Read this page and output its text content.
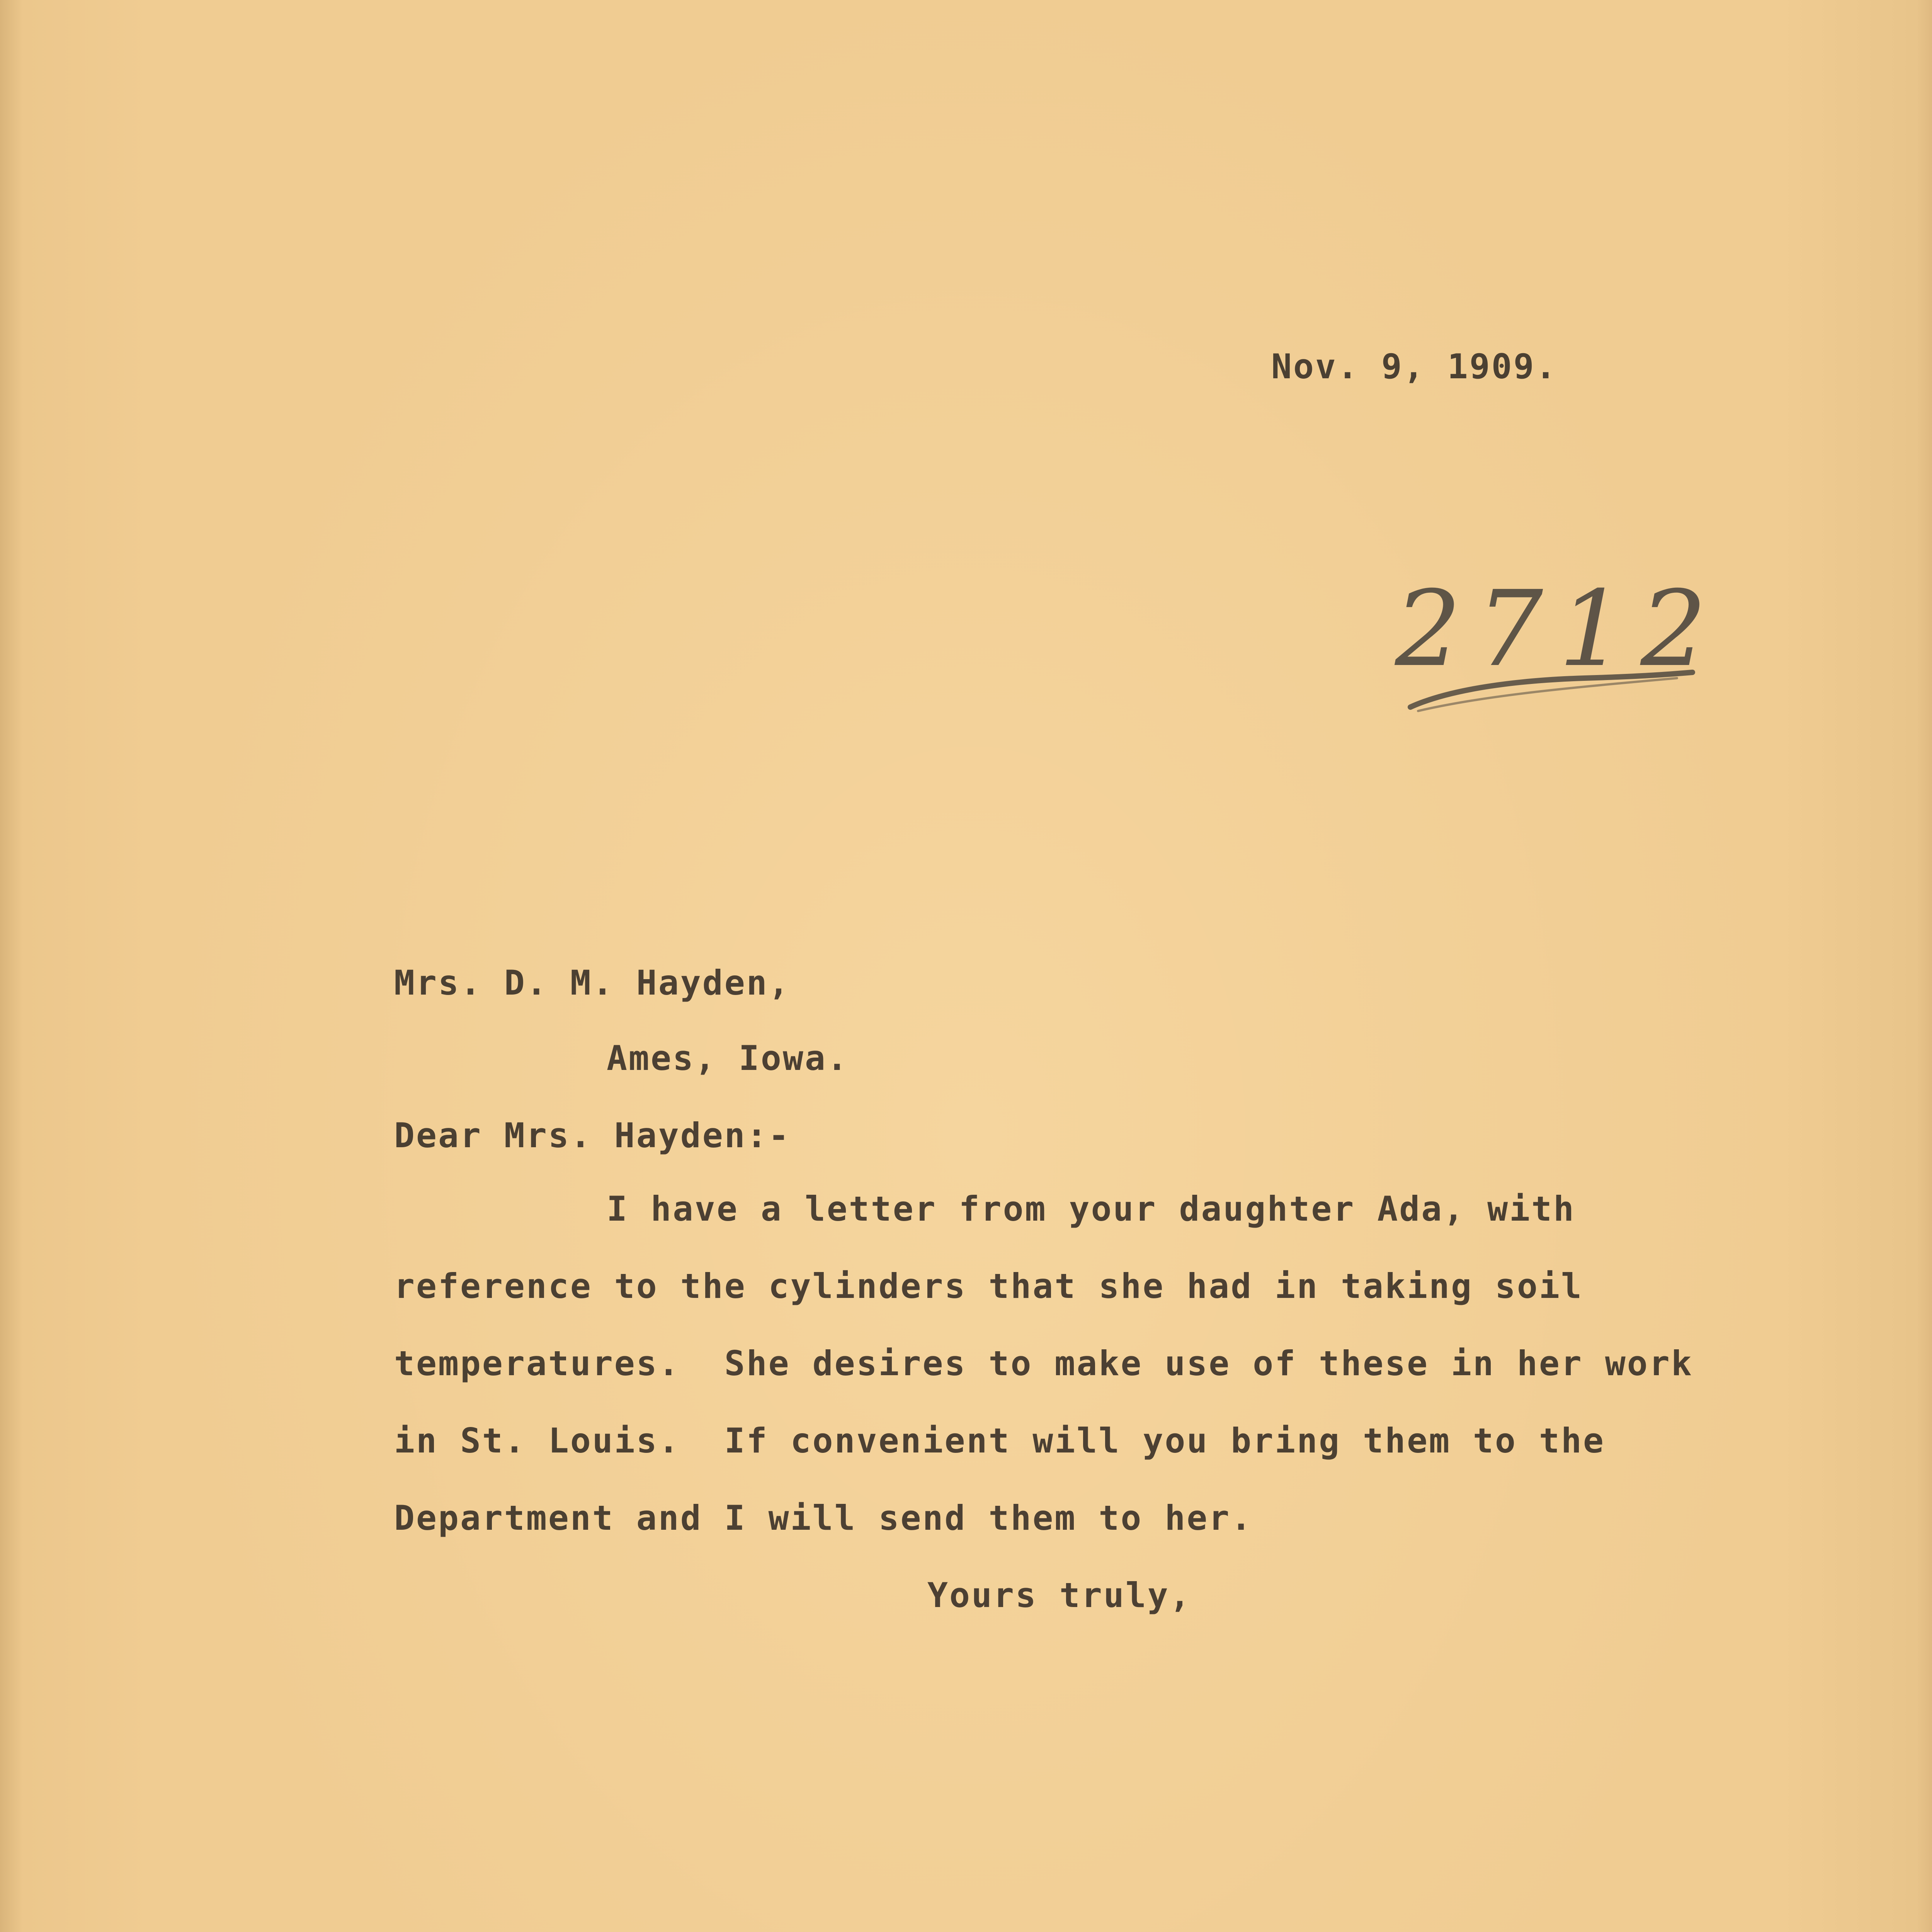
Nov. 9, 1909.
2712
Mrs. D. M. Hayden,
Ames, Iowa.
Dear Mrs. Hayden:-
I have a letter from your daughter Ada, with
reference to the cylinders that she had in taking soil
temperatures.  She desires to make use of these in her work
in St. Louis.  If convenient will you bring them to the
Department and I will send them to her.
Yours truly,
